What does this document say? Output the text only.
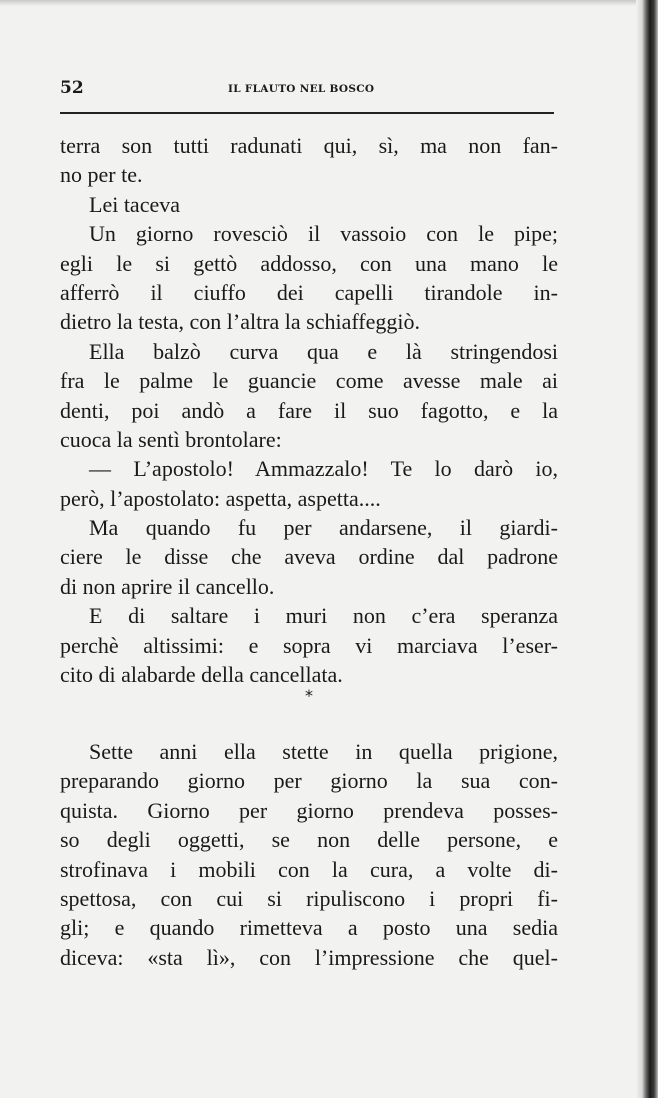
52	IL FLAUTO NEL BOSCO
terra son tutti radunati qui, sì, ma non fan-
no per te.
Lei taceva
Un giorno rovesciò il vassoio con le pipe;
egli le si gettò addosso, con una mano le
afferrò il ciuffo dei capelli tirandole in-
dietro la testa, con l’altra la schiaffeggiò.
Ella balzò curva qua e là stringendosi
fra le palme le guancie come avesse male ai
denti, poi andò a fare il suo fagotto, e la
cuoca la sentì brontolare:
— L’apostolo! Ammazzalo! Te lo darò io,
però, l’apostolato: aspetta, aspetta....
Ma quando fu per andarsene, il giardi-
ciere le disse che aveva ordine dal padrone
di non aprire il cancello.
E di saltare i muri non c’era speranza
perchè altissimi: e sopra vi marciava l’eser-
cito di alabarde della cancellata.
*
Sette anni ella stette in quella prigione,
preparando giorno per giorno la sua con-
quista. Giorno per giorno prendeva posses-
so degli oggetti, se non delle persone, e
strofinava i mobili con la cura, a volte di-
spettosa, con cui si ripuliscono i propri fi-
gli; e quando rimetteva a posto una sedia
diceva: «sta lì», con l’impressione che quel-
